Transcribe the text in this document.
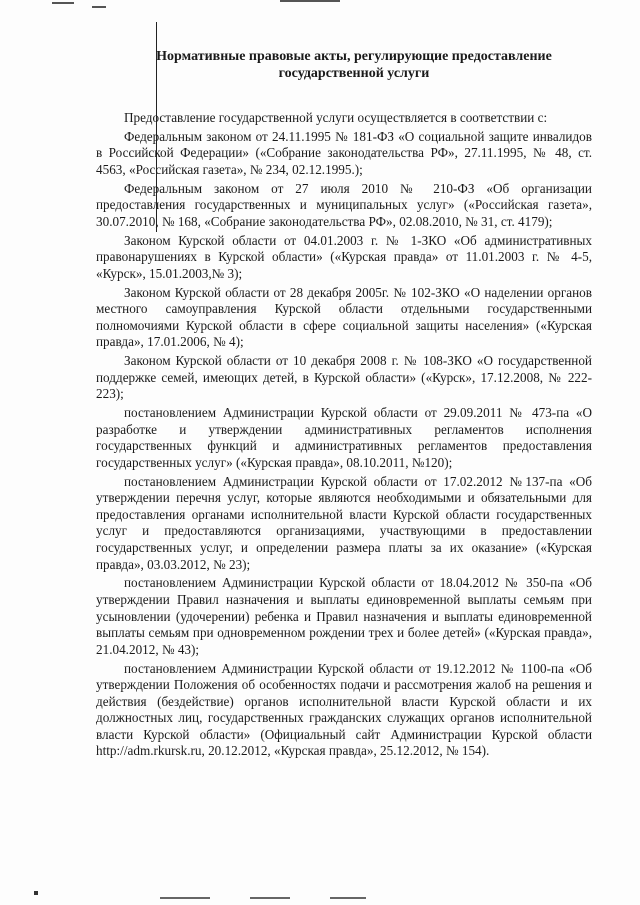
Нормативные правовые акты, регулирующие предоставление
государственной услуги

Предоставление государственной услуги осуществляется в соответствии с:

Федеральным законом от 24.11.1995 № 181-ФЗ «О социальной защите инвалидов в Российской Федерации» («Собрание законодательства РФ», 27.11.1995, № 48, ст. 4563, «Российская газета», № 234, 02.12.1995.);

Федеральным законом от 27 июля 2010 № 210-ФЗ «Об организации предоставления государственных и муниципальных услуг» («Российская газета», 30.07.2010, № 168, «Собрание законодательства РФ», 02.08.2010, № 31, ст. 4179);

Законом Курской области от 04.01.2003 г. № 1-ЗКО «Об административных правонарушениях в Курской области» («Курская правда» от 11.01.2003 г. № 4-5, «Курск», 15.01.2003,№ 3);

Законом Курской области от 28 декабря 2005г. № 102-ЗКО «О наделении органов местного самоуправления Курской области отдельными государственными полномочиями Курской области в сфере социальной защиты населения» («Курская правда», 17.01.2006, № 4);

Законом Курской области от 10 декабря 2008 г. № 108-ЗКО «О государственной поддержке семей, имеющих детей, в Курской области» («Курск», 17.12.2008, № 222-223);

постановлением Администрации Курской области от 29.09.2011 № 473-па «О разработке и утверждении административных регламентов исполнения государственных функций и административных регламентов предоставления государственных услуг» («Курская правда», 08.10.2011, №120);

постановлением Администрации Курской области от 17.02.2012 №137-па «Об утверждении перечня услуг, которые являются необходимыми и обязательными для предоставления органами исполнительной власти Курской области государственных услуг и предоставляются организациями, участвующими в предоставлении государственных услуг, и определении размера платы за их оказание» («Курская правда», 03.03.2012, № 23);

постановлением Администрации Курской области от 18.04.2012 № 350-па «Об утверждении Правил назначения и выплаты единовременной выплаты семьям при усыновлении (удочерении) ребенка и Правил назначения и выплаты единовременной выплаты семьям при одновременном рождении трех и более детей» («Курская правда», 21.04.2012, № 43);

постановлением Администрации Курской области от 19.12.2012 № 1100-па «Об утверждении Положения об особенностях подачи и рассмотрения жалоб на решения и действия (бездействие) органов исполнительной власти Курской области и их должностных лиц, государственных гражданских служащих органов исполнительной власти Курской области» (Официальный сайт Администрации Курской области http://adm.rkursk.ru, 20.12.2012, «Курская правда», 25.12.2012, № 154).
